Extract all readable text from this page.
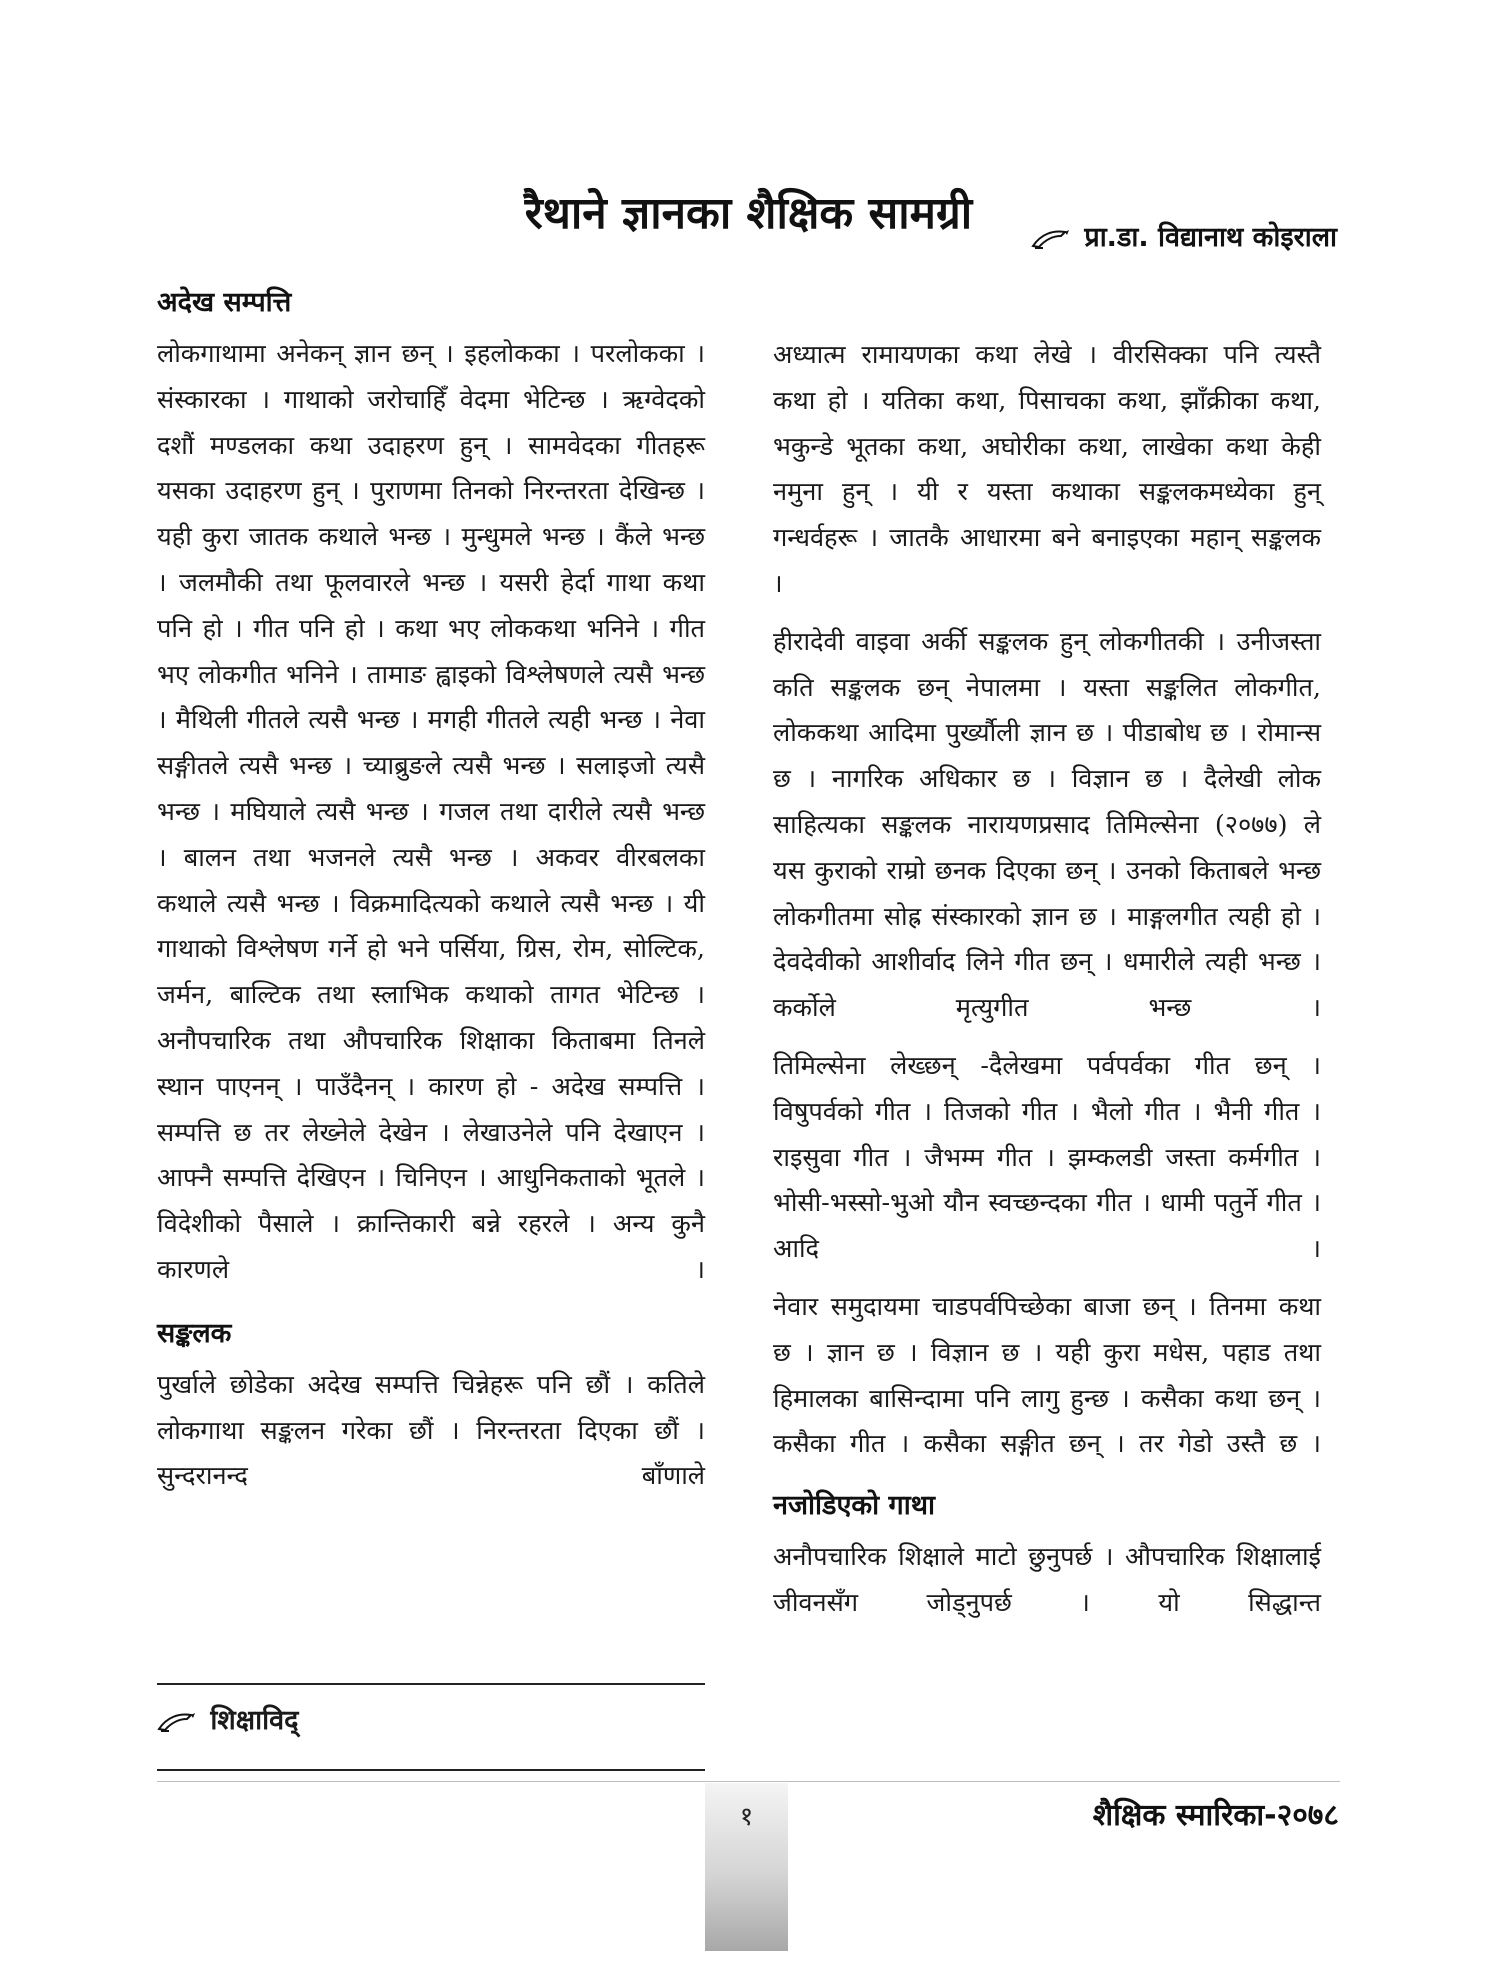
रैथाने ज्ञानका शैक्षिक सामग्री	प्रा.डा. विद्यानाथ कोइराला
अदेख सम्पत्ति

लोकगाथामा अनेकन् ज्ञान छन् । इहलोकका । परलोकका । संस्कारका । गाथाको जरोचाहिँ वेदमा भेटिन्छ । ऋग्वेदको दशौं मण्डलका कथा उदाहरण हुन् । सामवेदका गीतहरू यसका उदाहरण हुन् । पुराणमा तिनको निरन्तरता देखिन्छ । यही कुरा जातक कथाले भन्छ । मुन्धुमले भन्छ । कैंले भन्छ । जलमौकी तथा फूलवारले भन्छ । यसरी हेर्दा गाथा कथा पनि हो । गीत पनि हो । कथा भए लोककथा भनिने । गीत भए लोकगीत भनिने । तामाङ ह्वाइको विश्लेषणले त्यसै भन्छ । मैथिली गीतले त्यसै भन्छ । मगही गीतले त्यही भन्छ । नेवा सङ्गीतले त्यसै भन्छ । च्याब्रुङले त्यसै भन्छ । सलाइजो त्यसै भन्छ । मघियाले त्यसै भन्छ । गजल तथा दारीले त्यसै भन्छ । बालन तथा भजनले त्यसै भन्छ । अकवर वीरबलका कथाले त्यसै भन्छ । विक्रमादित्यको कथाले त्यसै भन्छ । यी गाथाको विश्लेषण गर्ने हो भने पर्सिया, ग्रिस, रोम, सोल्टिक, जर्मन, बाल्टिक तथा स्लाभिक कथाको तागत भेटिन्छ । अनौपचारिक तथा औपचारिक शिक्षाका किताबमा तिनले स्थान पाएनन् । पाउँदैनन् । कारण हो - अदेख सम्पत्ति । सम्पत्ति छ तर लेख्नेले देखेन । लेखाउनेले पनि देखाएन । आफ्नै सम्पत्ति देखिएन । चिनिएन । आधुनिकताको भूतले । विदेशीको पैसाले । क्रान्तिकारी बन्ने रहरले । अन्य कुनै कारणले ।

सङ्कलक

पुर्खाले छोडेका अदेख सम्पत्ति चिन्नेहरू पनि छौं । कतिले लोकगाथा सङ्कलन गरेका छौं । निरन्तरता दिएका छौं । सुन्दरानन्द बाँणाले

शिक्षाविद्

अध्यात्म रामायणका कथा लेखे । वीरसिक्का पनि त्यस्तै कथा हो । यतिका कथा, पिसाचका कथा, झाँक्रीका कथा, भकुन्डे भूतका कथा, अघोरीका कथा, लाखेका कथा केही नमुना हुन् । यी र यस्ता कथाका सङ्कलकमध्येका हुन् गन्धर्वहरू । जातकै आधारमा बने बनाइएका महान् सङ्कलक ।

हीरादेवी वाइवा अर्की सङ्कलक हुन् लोकगीतकी । उनीजस्ता कति सङ्कलक छन् नेपालमा । यस्ता सङ्कलित लोकगीत, लोककथा आदिमा पुर्ख्यौली ज्ञान छ । पीडाबोध छ । रोमान्स छ । नागरिक अधिकार छ । विज्ञान छ । दैलेखी लोक साहित्यका सङ्कलक नारायणप्रसाद तिमिल्सेना (२०७७) ले यस कुराको राम्रो छनक दिएका छन् । उनको किताबले भन्छ लोकगीतमा सोह्र संस्कारको ज्ञान छ । माङ्गलगीत त्यही हो । देवदेवीको आशीर्वाद लिने गीत छन् । धमारीले त्यही भन्छ । कर्कोले मृत्युगीत भन्छ ।

तिमिल्सेना लेख्छन् -दैलेखमा पर्वपर्वका गीत छन् । विषुपर्वको गीत । तिजको गीत । भैलो गीत । भैनी गीत । राइसुवा गीत । जैभम्म गीत । झम्कलडी जस्ता कर्मगीत । भोसी-भस्सो-भुओ यौन स्वच्छन्दका गीत । धामी पतुर्ने गीत । आदि ।

नेवार समुदायमा चाडपर्वपिच्छेका बाजा छन् । तिनमा कथा छ । ज्ञान छ । विज्ञान छ । यही कुरा मधेस, पहाड तथा हिमालका बासिन्दामा पनि लागु हुन्छ । कसैका कथा छन् । कसैका गीत । कसैका सङ्गीत छन् । तर गेडो उस्तै छ ।

नजोडिएको गाथा

अनौपचारिक शिक्षाले माटो छुनुपर्छ । औपचारिक शिक्षालाई जीवनसँग जोड्नुपर्छ । यो सिद्धान्त

१	शैक्षिक स्मारिका-२०७८
